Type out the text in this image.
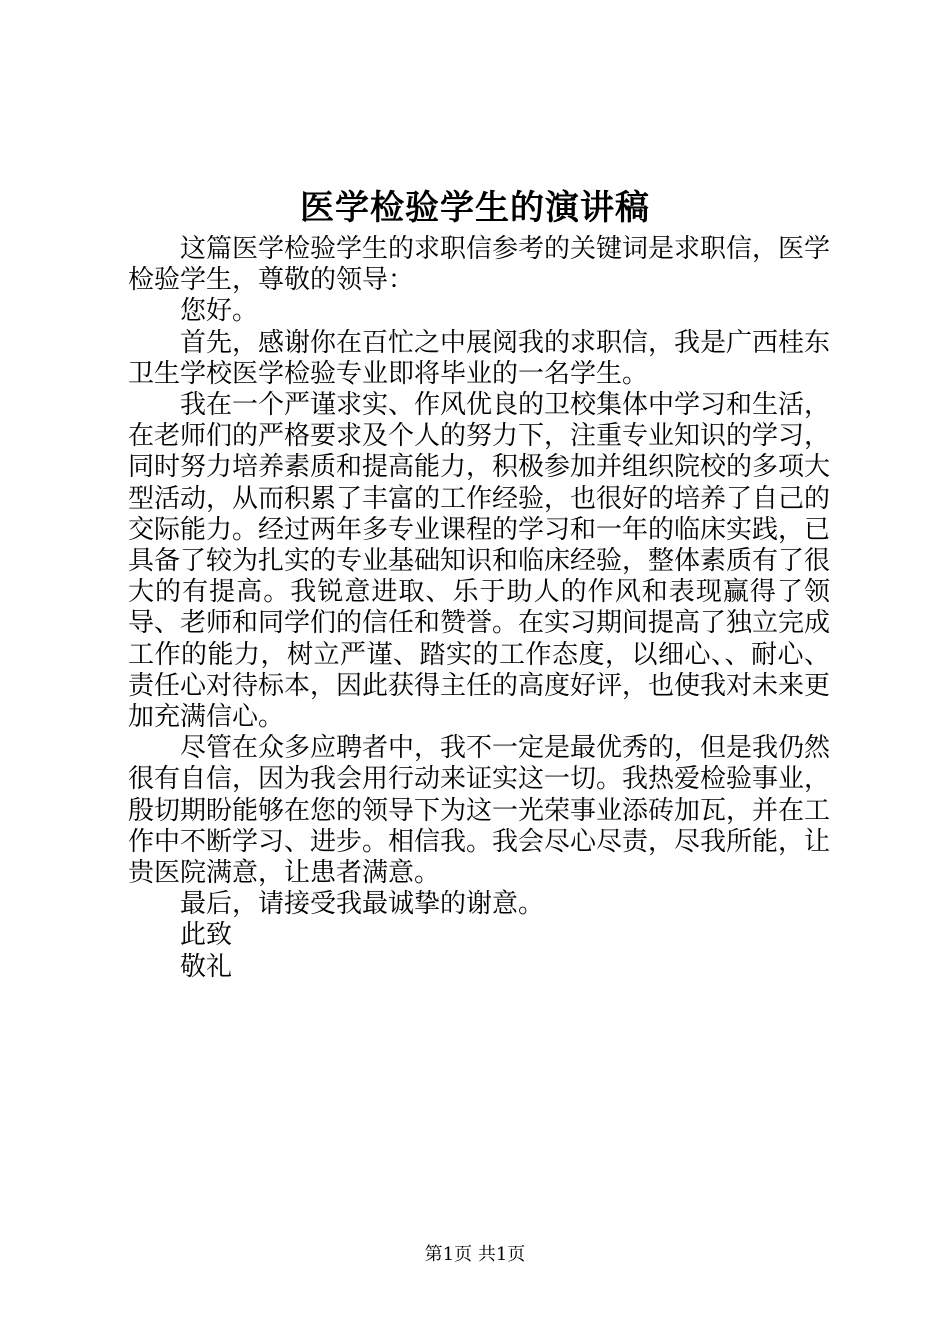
医学检验学生的演讲稿

这篇医学检验学生的求职信参考的关键词是求职信，医学检验学生，尊敬的领导：

您好。

首先，感谢你在百忙之中展阅我的求职信，我是广西桂东卫生学校医学检验专业即将毕业的一名学生。

我在一个严谨求实、作风优良的卫校集体中学习和生活，在老师们的严格要求及个人的努力下，注重专业知识的学习，同时努力培养素质和提高能力，积极参加并组织院校的多项大型活动，从而积累了丰富的工作经验，也很好的培养了自己的交际能力。经过两年多专业课程的学习和一年的临床实践，已具备了较为扎实的专业基础知识和临床经验，整体素质有了很大的有提高。我锐意进取、乐于助人的作风和表现赢得了领导、老师和同学们的信任和赞誉。在实习期间提高了独立完成工作的能力，树立严谨、踏实的工作态度，以细心、、耐心、责任心对待标本，因此获得主任的高度好评，也使我对未来更加充满信心。

尽管在众多应聘者中，我不一定是最优秀的，但是我仍然很有自信，因为我会用行动来证实这一切。我热爱检验事业，殷切期盼能够在您的领导下为这一光荣事业添砖加瓦，并在工作中不断学习、进步。相信我。我会尽心尽责，尽我所能，让贵医院满意，让患者满意。

最后，请接受我最诚挚的谢意。

此致

敬礼

第1页 共1页
